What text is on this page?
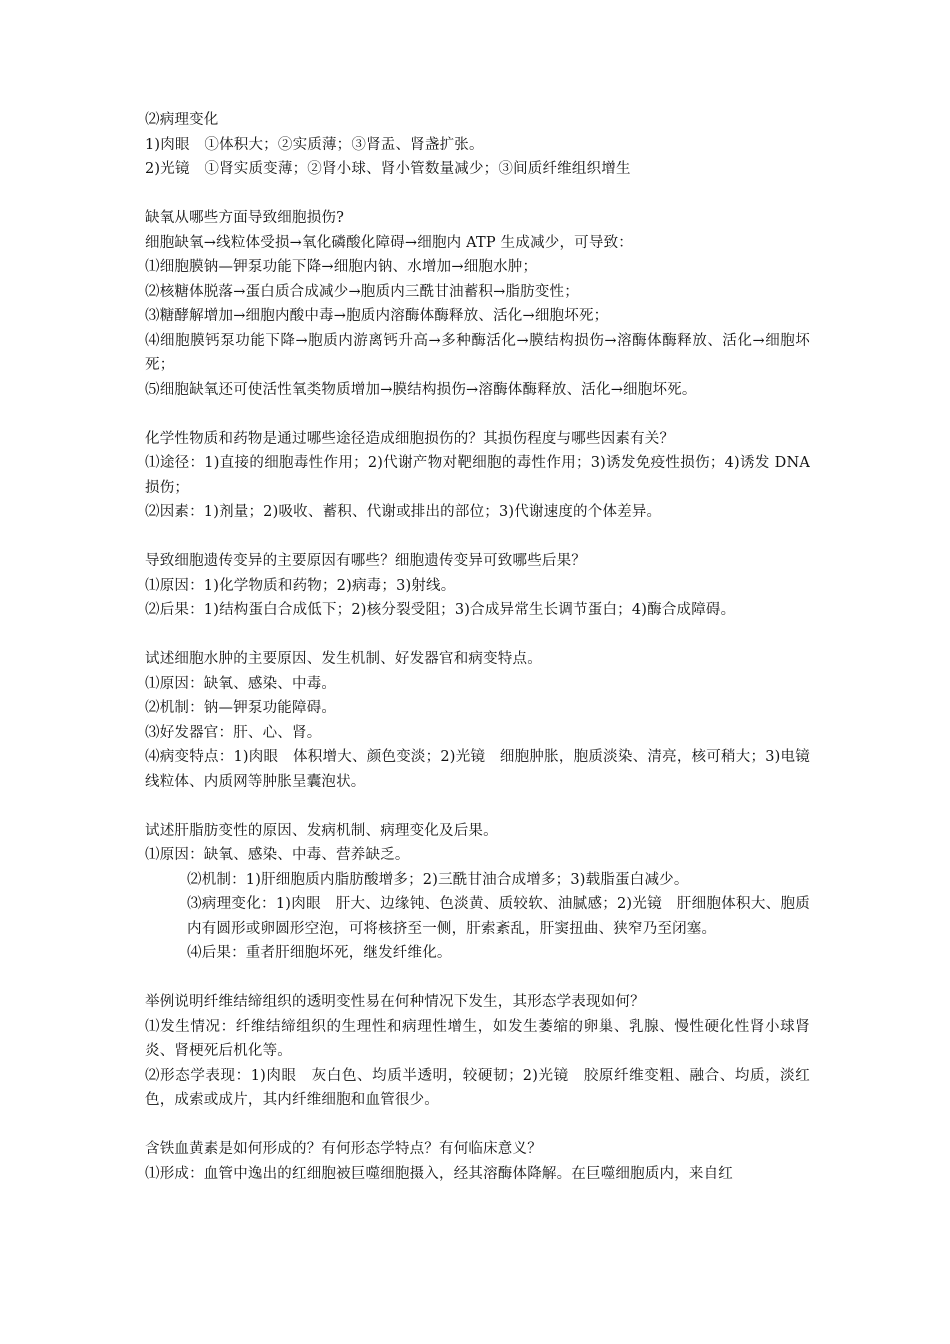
⑵病理变化

1)肉眼　①体积大；②实质薄；③肾盂、肾盏扩张。

2)光镜　①肾实质变薄；②肾小球、肾小管数量减少；③间质纤维组织增生

缺氧从哪些方面导致细胞损伤?

细胞缺氧→线粒体受损→氧化磷酸化障碍→细胞内 ATP 生成减少，可导致：

⑴细胞膜钠—钾泵功能下降→细胞内钠、水增加→细胞水肿；

⑵核糖体脱落→蛋白质合成减少→胞质内三酰甘油蓄积→脂肪变性；

⑶糖酵解增加→细胞内酸中毒→胞质内溶酶体酶释放、活化→细胞坏死；

⑷细胞膜钙泵功能下降→胞质内游离钙升高→多种酶活化→膜结构损伤→溶酶体酶释放、活化→细胞坏死；

⑸细胞缺氧还可使活性氧类物质增加→膜结构损伤→溶酶体酶释放、活化→细胞坏死。

化学性物质和药物是通过哪些途径造成细胞损伤的？其损伤程度与哪些因素有关？

⑴途径：1)直接的细胞毒性作用；2)代谢产物对靶细胞的毒性作用；3)诱发免疫性损伤；4)诱发 DNA 损伤；

⑵因素：1)剂量；2)吸收、蓄积、代谢或排出的部位；3)代谢速度的个体差异。

导致细胞遗传变异的主要原因有哪些？细胞遗传变异可致哪些后果？

⑴原因：1)化学物质和药物；2)病毒；3)射线。

⑵后果：1)结构蛋白合成低下；2)核分裂受阻；3)合成异常生长调节蛋白；4)酶合成障碍。

试述细胞水肿的主要原因、发生机制、好发器官和病变特点。

⑴原因：缺氧、感染、中毒。

⑵机制：钠—钾泵功能障碍。

⑶好发器官：肝、心、肾。

⑷病变特点：1)肉眼　体积增大、颜色变淡；2)光镜　细胞肿胀，胞质淡染、清亮，核可稍大；3)电镜　线粒体、内质网等肿胀呈囊泡状。

试述肝脂肪变性的原因、发病机制、病理变化及后果。

⑴原因：缺氧、感染、中毒、营养缺乏。

⑵机制：1)肝细胞质内脂肪酸增多；2)三酰甘油合成增多；3)载脂蛋白减少。

⑶病理变化：1)肉眼　肝大、边缘钝、色淡黄、质较软、油腻感；2)光镜　肝细胞体积大、胞质内有圆形或卵圆形空泡，可将核挤至一侧，肝索紊乱，肝窦扭曲、狭窄乃至闭塞。

⑷后果：重者肝细胞坏死，继发纤维化。

举例说明纤维结缔组织的透明变性易在何种情况下发生，其形态学表现如何？

⑴发生情况：纤维结缔组织的生理性和病理性增生，如发生萎缩的卵巢、乳腺、慢性硬化性肾小球肾炎、肾梗死后机化等。

⑵形态学表现：1)肉眼　灰白色、均质半透明，较硬韧；2)光镜　胶原纤维变粗、融合、均质，淡红色，成索或成片，其内纤维细胞和血管很少。

含铁血黄素是如何形成的？有何形态学特点？有何临床意义？

⑴形成：血管中逸出的红细胞被巨噬细胞摄入，经其溶酶体降解。在巨噬细胞质内，来自红
